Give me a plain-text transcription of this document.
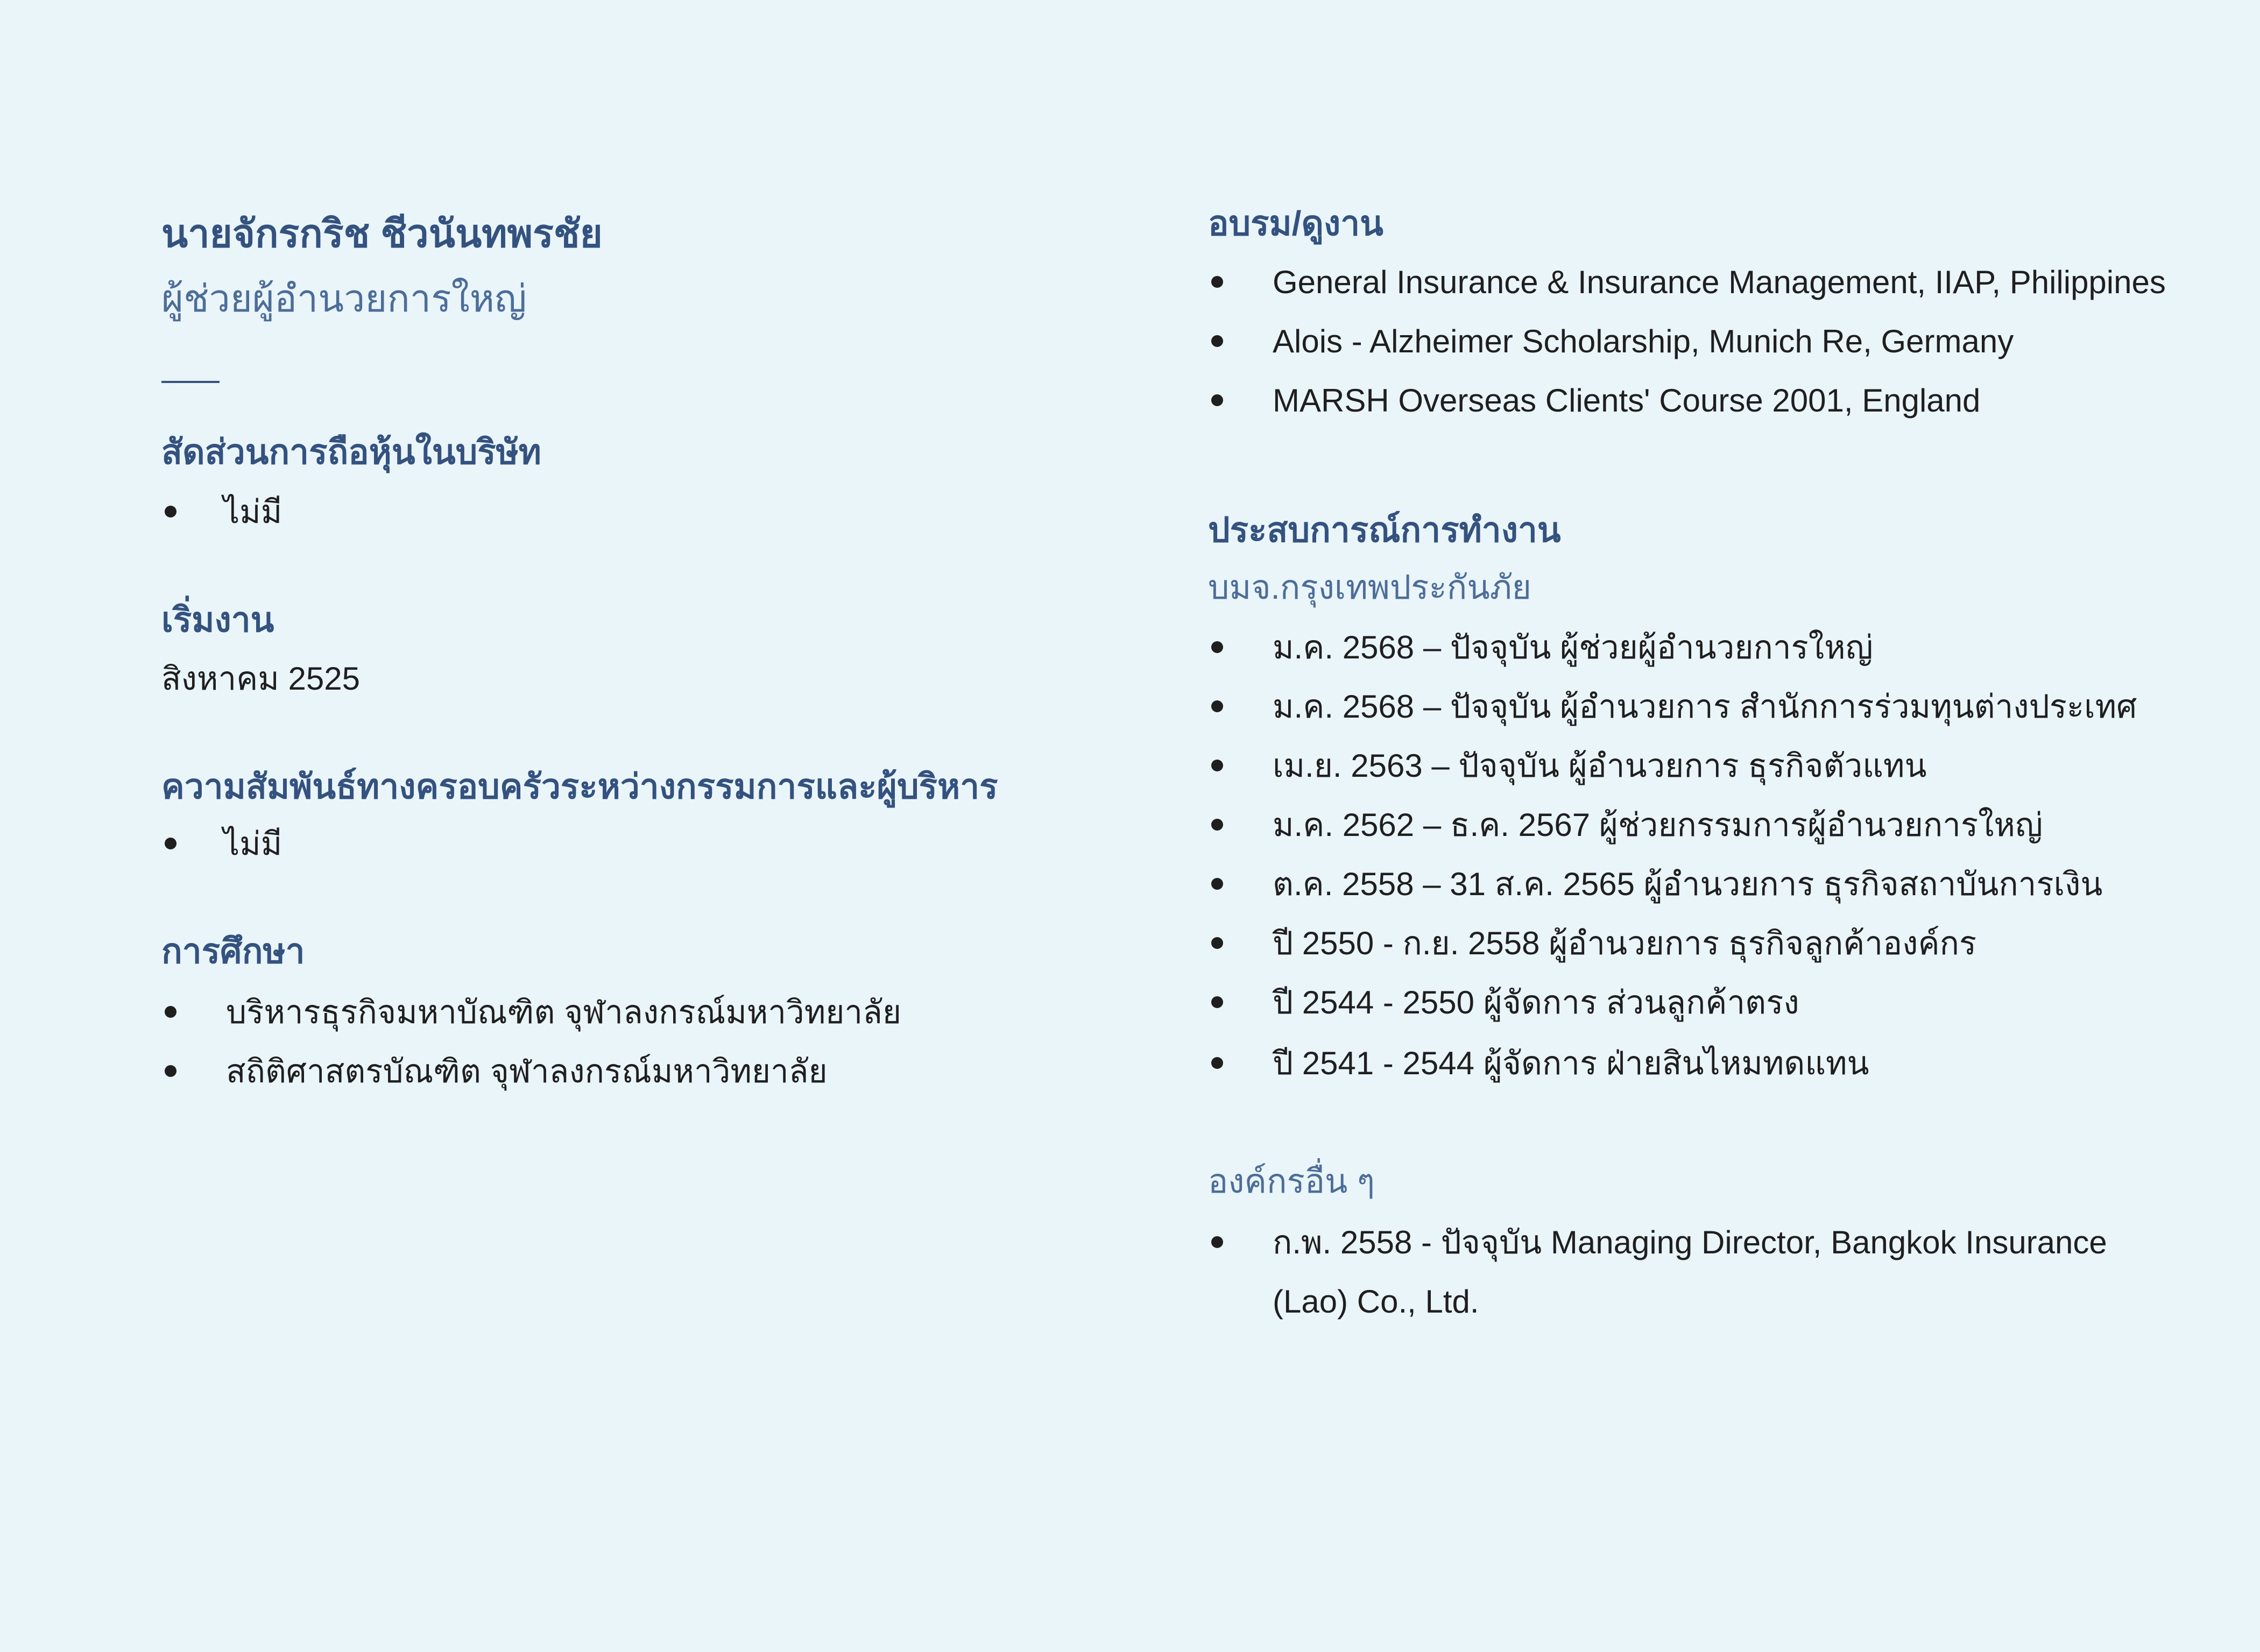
นายจักรกริช ชีวนันทพรชัย
ผู้ช่วยผู้อำนวยการใหญ่
สัดส่วนการถือหุ้นในบริษัท
ไม่มี
เริ่มงาน
สิงหาคม 2525
ความสัมพันธ์ทางครอบครัวระหว่างกรรมการและผู้บริหาร
ไม่มี
การศึกษา
บริหารธุรกิจมหาบัณฑิต จุฬาลงกรณ์มหาวิทยาลัย
สถิติศาสตรบัณฑิต จุฬาลงกรณ์มหาวิทยาลัย
อบรม/ดูงาน
General Insurance & Insurance Management, IIAP, Philippines
Alois - Alzheimer Scholarship, Munich Re, Germany
MARSH Overseas Clients' Course 2001, England
ประสบการณ์การทำงาน
บมจ.กรุงเทพประกันภัย
ม.ค. 2568 – ปัจจุบัน ผู้ช่วยผู้อำนวยการใหญ่
ม.ค. 2568 – ปัจจุบัน ผู้อำนวยการ สำนักการร่วมทุนต่างประเทศ
เม.ย. 2563 – ปัจจุบัน ผู้อำนวยการ ธุรกิจตัวแทน
ม.ค. 2562 – ธ.ค. 2567 ผู้ช่วยกรรมการผู้อำนวยการใหญ่
ต.ค. 2558 – 31 ส.ค. 2565 ผู้อำนวยการ ธุรกิจสถาบันการเงิน
ปี 2550 - ก.ย. 2558 ผู้อำนวยการ ธุรกิจลูกค้าองค์กร
ปี 2544 - 2550 ผู้จัดการ ส่วนลูกค้าตรง
ปี 2541 - 2544 ผู้จัดการ ฝ่ายสินไหมทดแทน
องค์กรอื่น ๆ
ก.พ. 2558 - ปัจจุบัน Managing Director, Bangkok Insurance
(Lao) Co., Ltd.
